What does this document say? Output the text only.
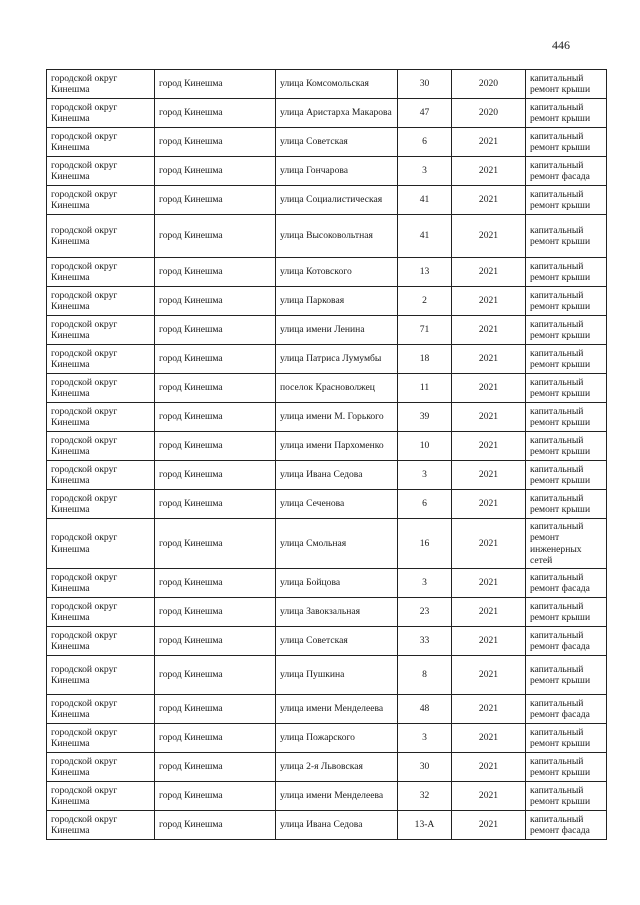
446
городской округ Кинешма	город Кинешма	улица Комсомольская	30	2020	капитальный ремонт крыши
городской округ Кинешма	город Кинешма	улица Аристарха Макарова	47	2020	капитальный ремонт крыши
городской округ Кинешма	город Кинешма	улица Советская	6	2021	капитальный ремонт крыши
городской округ Кинешма	город Кинешма	улица Гончарова	3	2021	капитальный ремонт фасада
городской округ Кинешма	город Кинешма	улица Социалистическая	41	2021	капитальный ремонт крыши
городской округ Кинешма	город Кинешма	улица Высоковольтная	41	2021	капитальный ремонт крыши
городской округ Кинешма	город Кинешма	улица Котовского	13	2021	капитальный ремонт крыши
городской округ Кинешма	город Кинешма	улица Парковая	2	2021	капитальный ремонт крыши
городской округ Кинешма	город Кинешма	улица имени Ленина	71	2021	капитальный ремонт крыши
городской округ Кинешма	город Кинешма	улица Патриса Лумумбы	18	2021	капитальный ремонт крыши
городской округ Кинешма	город Кинешма	поселок Красноволжец	11	2021	капитальный ремонт крыши
городской округ Кинешма	город Кинешма	улица имени М. Горького	39	2021	капитальный ремонт крыши
городской округ Кинешма	город Кинешма	улица имени Пархоменко	10	2021	капитальный ремонт крыши
городской округ Кинешма	город Кинешма	улица Ивана Седова	3	2021	капитальный ремонт крыши
городской округ Кинешма	город Кинешма	улица Сеченова	6	2021	капитальный ремонт крыши
городской округ Кинешма	город Кинешма	улица Смольная	16	2021	капитальный ремонт инженерных сетей
городской округ Кинешма	город Кинешма	улица Бойцова	3	2021	капитальный ремонт фасада
городской округ Кинешма	город Кинешма	улица Завокзальная	23	2021	капитальный ремонт крыши
городской округ Кинешма	город Кинешма	улица Советская	33	2021	капитальный ремонт фасада
городской округ Кинешма	город Кинешма	улица Пушкина	8	2021	капитальный ремонт крыши
городской округ Кинешма	город Кинешма	улица имени Менделеева	48	2021	капитальный ремонт фасада
городской округ Кинешма	город Кинешма	улица Пожарского	3	2021	капитальный ремонт крыши
городской округ Кинешма	город Кинешма	улица 2-я Львовская	30	2021	капитальный ремонт крыши
городской округ Кинешма	город Кинешма	улица имени Менделеева	32	2021	капитальный ремонт крыши
городской округ Кинешма	город Кинешма	улица Ивана Седова	13-А	2021	капитальный ремонт фасада
